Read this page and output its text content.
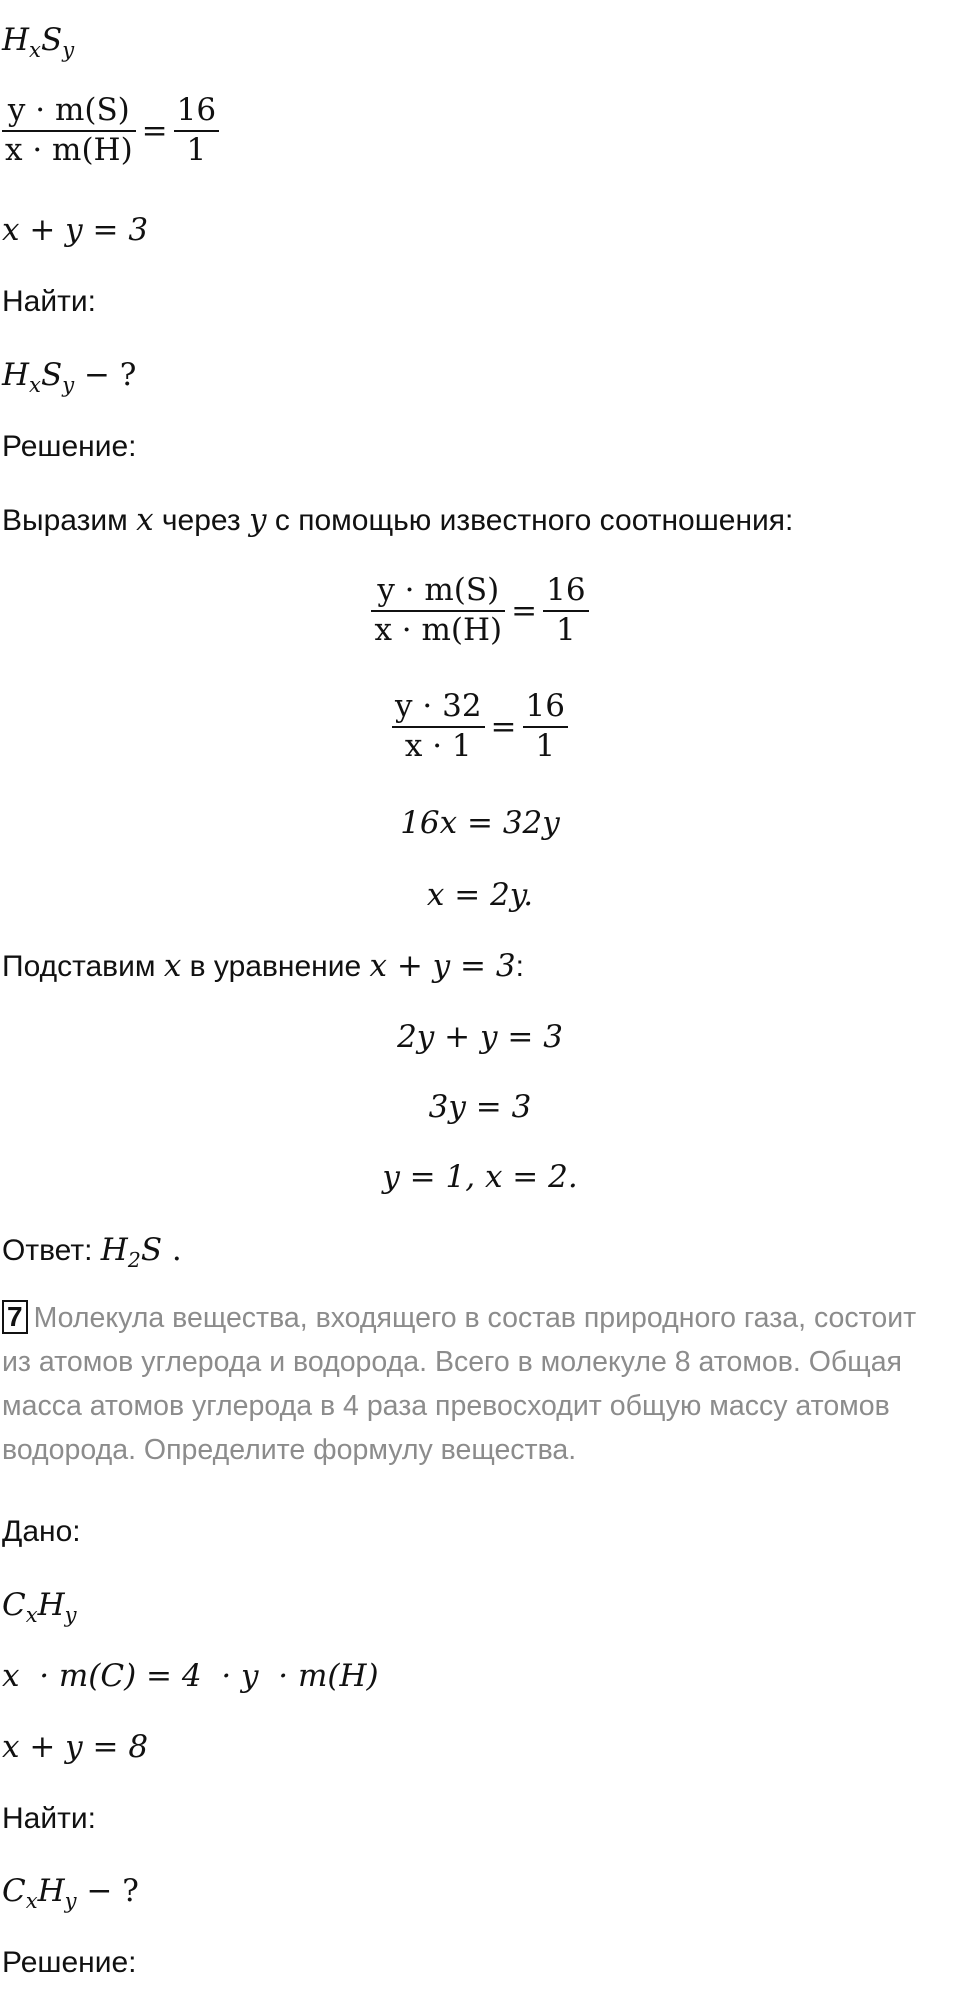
$H_xS_y$
$\frac{y \cdot m(S)}{x \cdot m(H)} = \frac{16}{1}$
x + y = 3
Найти:
$H_xS_y$ − ?
Решение:
Выразим x через y с помощью известного соотношения:
$\frac{y \cdot m(S)}{x \cdot m(H)} = \frac{16}{1}$
$\frac{y \cdot 32}{x \cdot 1} = \frac{16}{1}$
16x = 32y
x = 2y.
Подставим x в уравнение x + y = 3:
2y + y = 3
3y = 3
y = 1, x = 2.
Ответ: $H_2S$ .
7 Молекула вещества, входящего в состав природного газа, состоит
из атомов углерода и водорода. Всего в молекуле 8 атомов. Общая
масса атомов углерода в 4 раза превосходит общую массу атомов
водорода. Определите формулу вещества.
Дано:
$C_xH_y$
x  · m(C) = 4  · y  · m(H)
x + y = 8
Найти:
$C_xH_y$ − ?
Решение:
